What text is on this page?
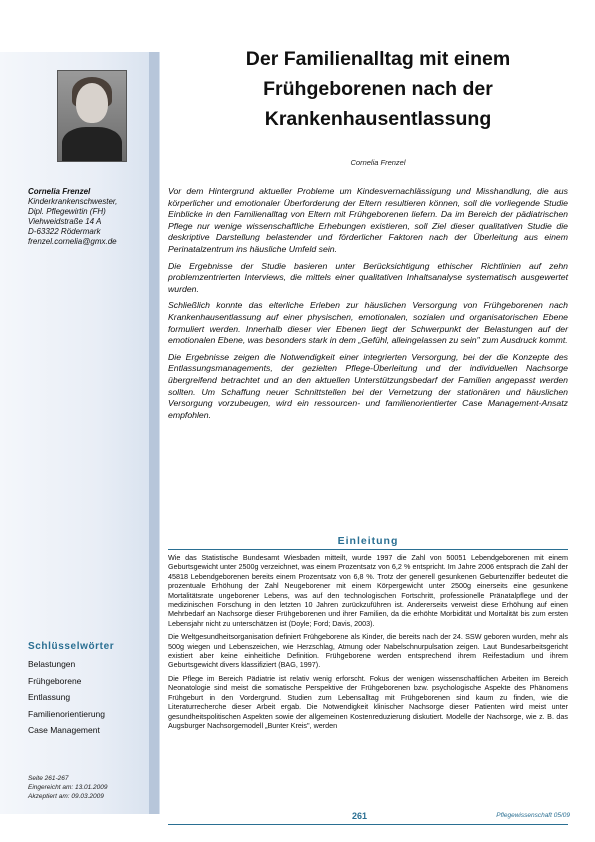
Cornelia Frenzel
Kinderkrankenschwester,
Dipl. Pflegewirtin (FH)
Viehweidstraße 14 A
D-63322 Rödermark
frenzel.cornelia@gmx.de
Der Familienalltag mit einem
Frühgeborenen nach der
Krankenhausentlassung
Cornelia Frenzel

Vor dem Hintergrund aktueller Probleme um Kindesvernachlässigung und Misshandlung, die aus körperlicher und emotionaler Überforderung der Eltern resultieren können, soll die vorliegende Studie Einblicke in den Familienalltag von Eltern mit Frühgeborenen liefern. Da im Bereich der pädiatrischen Pflege nur wenige wissenschaftliche Erhebungen existieren, soll Ziel dieser qualitativen Studie die deskriptive Darstellung belastender und förderlicher Faktoren nach der Überleitung aus einem Perinatalzentrum ins häusliche Umfeld sein.

Die Ergebnisse der Studie basieren unter Berücksichtigung ethischer Richtlinien auf zehn problemzentrierten Interviews, die mittels einer qualitativen Inhaltsanalyse systematisch ausgewertet wurden.

Schließlich konnte das elterliche Erleben zur häuslichen Versorgung von Frühgeborenen nach Krankenhausentlassung auf einer physischen, emotionalen, sozialen und organisatorischen Ebene formuliert werden. Innerhalb dieser vier Ebenen liegt der Schwerpunkt der Belastungen auf der emotionalen Ebene, was besonders stark in dem „Gefühl, alleingelassen zu sein" zum Ausdruck kommt.

Die Ergebnisse zeigen die Notwendigkeit einer integrierten Versorgung, bei der die Konzepte des Entlassungsmanagements, der gezielten Pflege-Überleitung und der individuellen Nachsorge übergreifend betrachtet und an den aktuellen Unterstützungsbedarf der Familien angepasst werden sollten. Um Schaffung neuer Schnittstellen bei der Vernetzung der stationären und häuslichen Versorgung vorzubeugen, wird ein ressourcen- und familienorientierter Case Management-Ansatz empfohlen.

Einleitung

Wie das Statistische Bundesamt Wiesbaden mitteilt, wurde 1997 die Zahl von 50051 Lebendgeborenen mit einem Geburtsgewicht unter 2500g verzeichnet, was einem Prozentsatz von 6,2 % entspricht. Im Jahre 2006 entsprach die Zahl der 45818 Lebendgeborenen bereits einem Prozentsatz von 6,8 %. Trotz der generell gesunkenen Geburtenziffer bedeutet die prozentuale Erhöhung der Zahl Neugeborener mit einem Körpergewicht unter 2500g einerseits eine gesunkene Mortalitätsrate ungeborener Lebens, was auf den technologischen Fortschritt, professionelle Pränatalpflege und der medizinischen Forschung in den letzten 10 Jahren zurückzuführen ist. Andererseits verweist diese Erhöhung auf einen Mehrbedarf an Nachsorge dieser Frühgeborenen und ihrer Familien, da die erhöhte Morbidität und Mortalität bis zum ersten Lebensjahr nicht zu unterschätzen ist (Doyle; Ford; Davis, 2003).

Die Weltgesundheitsorganisation definiert Frühgeborene als Kinder, die bereits nach der 24. SSW geboren wurden, mehr als 500g wiegen und Lebenszeichen, wie Herzschlag, Atmung oder Nabelschnurpulsation zeigen. Laut Bundesarbeitsgericht existiert aber keine einheitliche Definition. Frühgeborene werden entsprechend ihrem Reifestadium und ihrem Geburtsgewicht divers klassifiziert (BAG, 1997).

Die Pflege im Bereich Pädiatrie ist relativ wenig erforscht. Fokus der wenigen wissenschaftlichen Arbeiten im Bereich Neonatologie sind meist die somatische Perspektive der Frühgeborenen bzw. psychologische Aspekte des Phänomens Frühgeburt in den Vordergrund. Studien zum Lebensalltag mit Frühgeborenen sind kaum zu finden, wie die Literaturrecherche dieser Arbeit ergab. Die Notwendigkeit klinischer Nachsorge dieser Patienten wird meist unter gesundheitspolitischen Aspekten sowie der allgemeinen Kostenreduzierung diskutiert. Modelle der Nachsorge, wie z. B. das Augsburger Nachsorgemodell „Bunter Kreis", werden

Schlüsselwörter
Belastungen
Frühgeborene
Entlassung
Familienorientierung
Case Management
Seite 261-267
Eingereicht am: 13.01.2009
Akzeptiert am: 09.03.2009
261	Pflegewissenschaft 05/09
